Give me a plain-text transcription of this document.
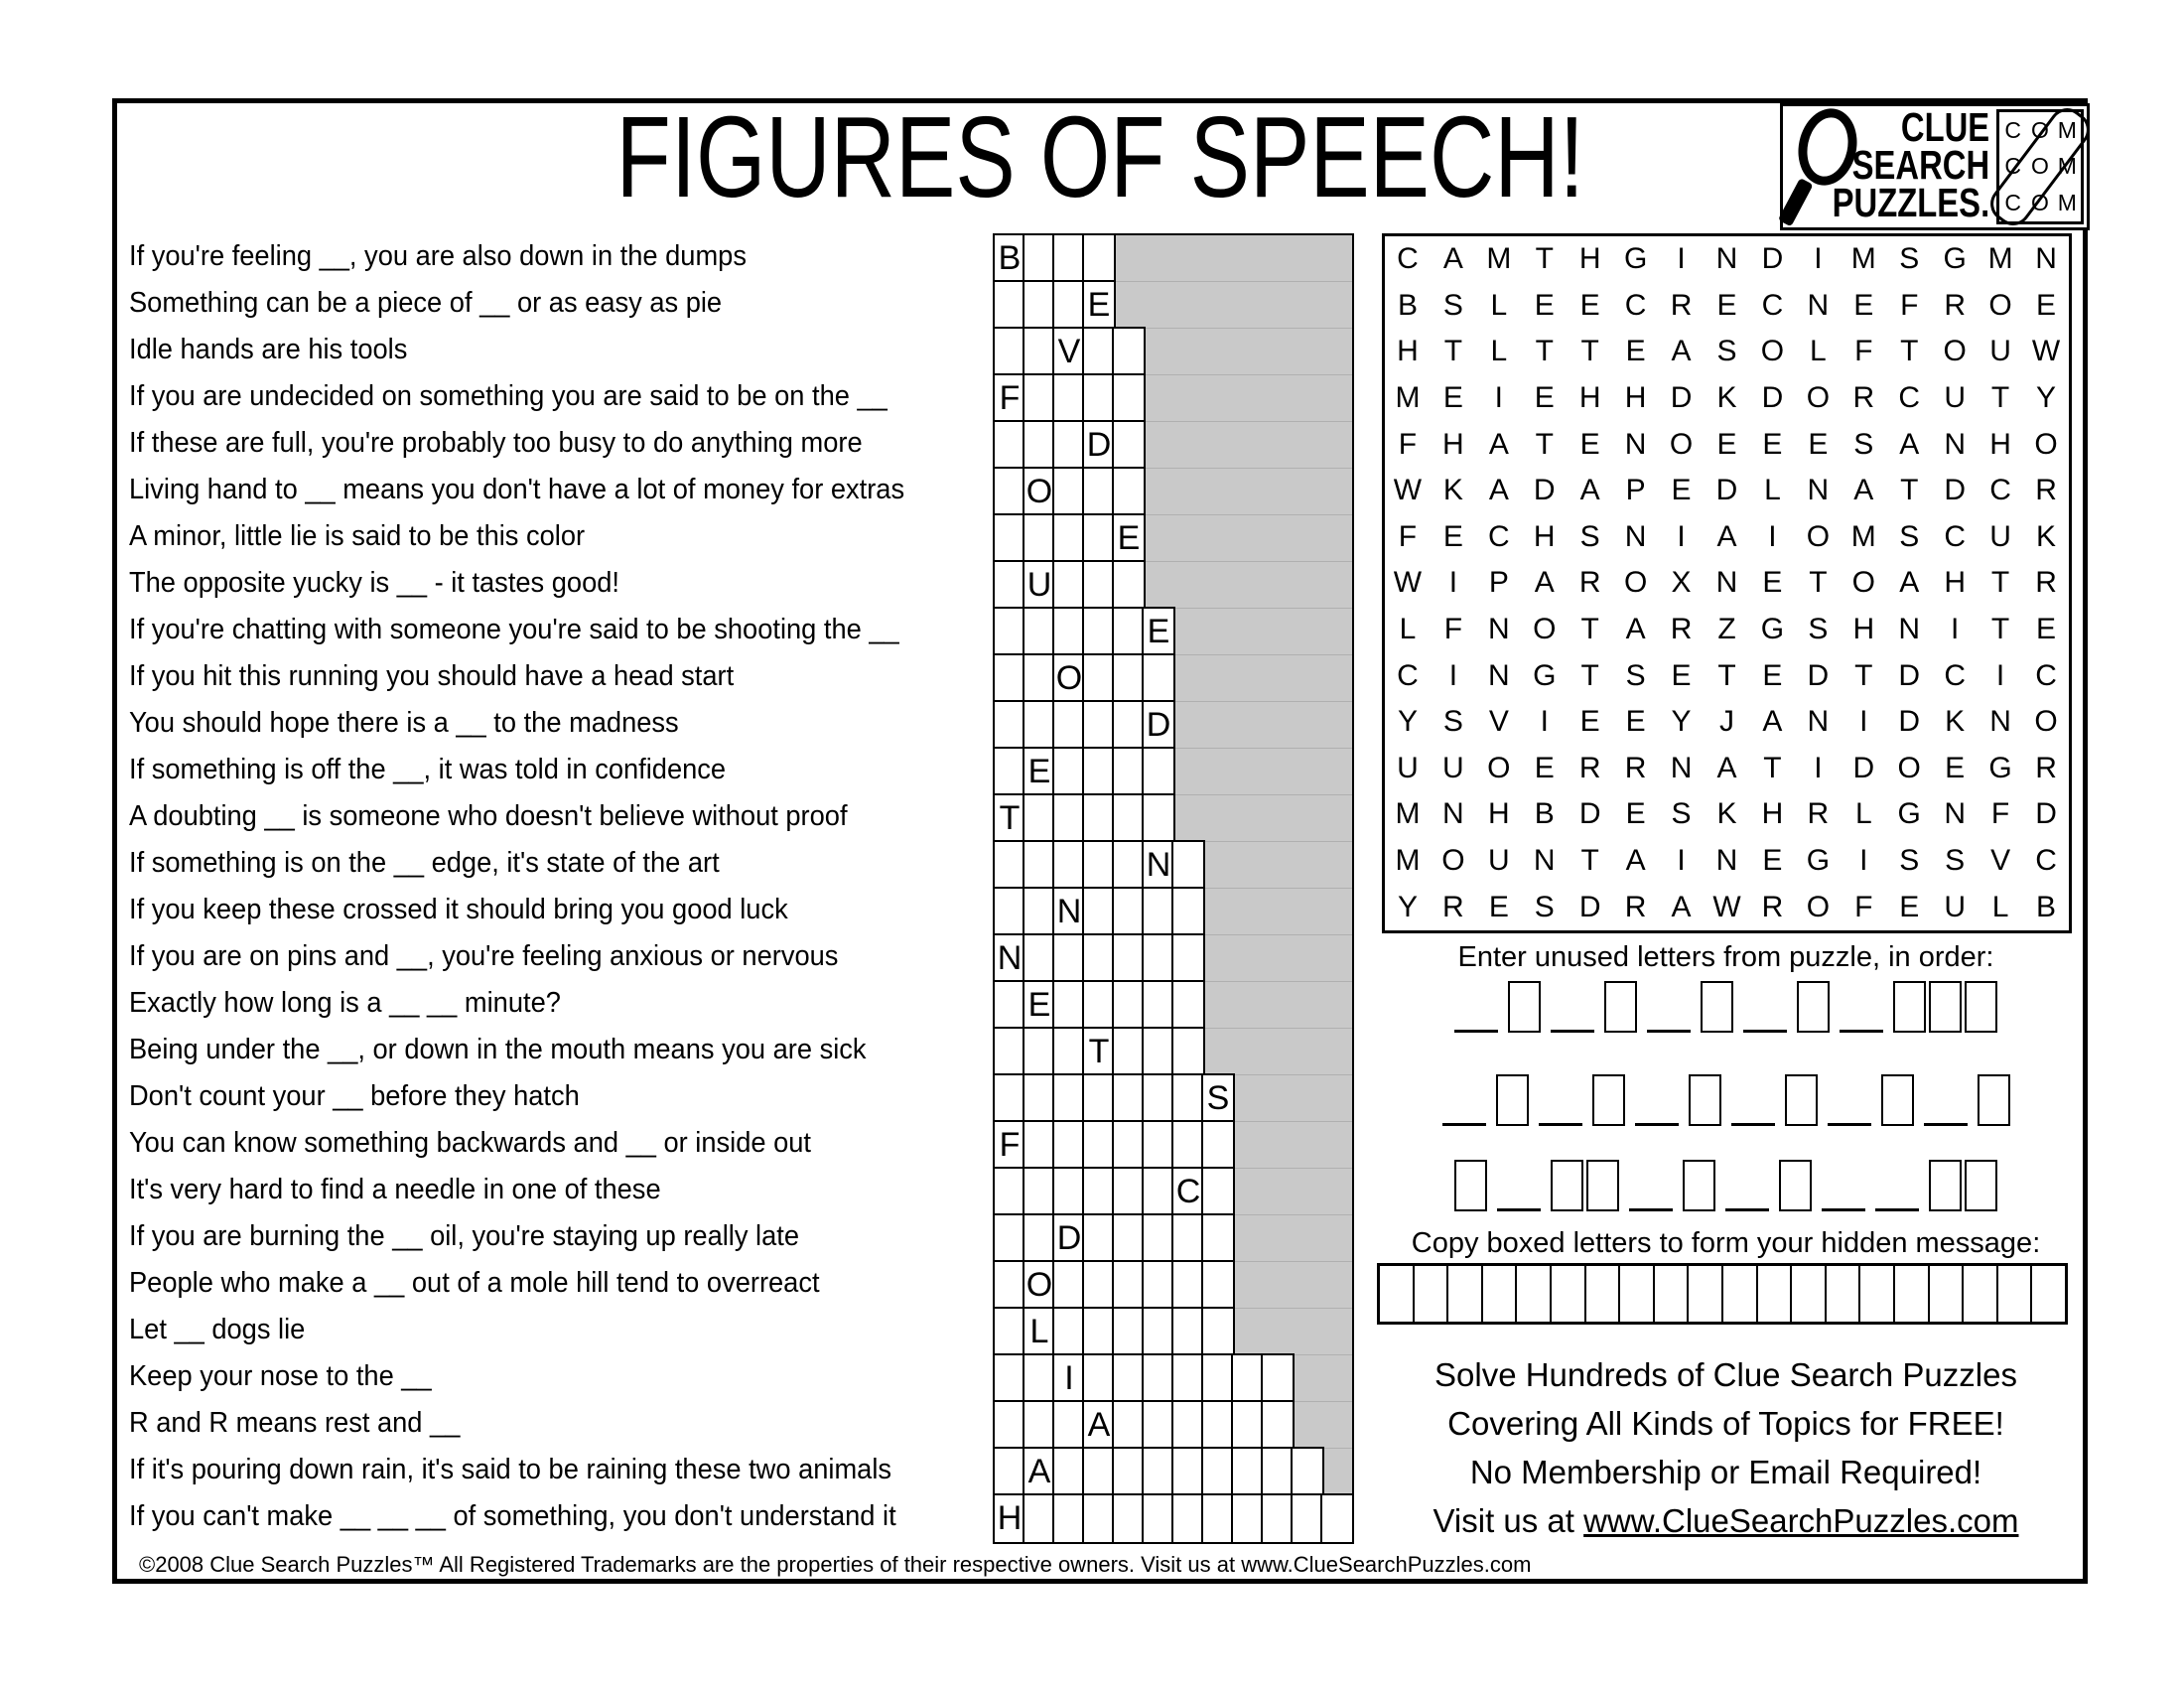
FIGURES OF SPEECH!	CLUE
SEARCH
PUZZLES.
C O M
C O M
C O M
If you're feeling __, you are also down in the dumps
Something can be a piece of __ or as easy as pie
Idle hands are his tools
If you are undecided on something you are said to be on the __
If these are full, you're probably too busy to do anything more
Living hand to __ means you don't have a lot of money for extras
A minor, little lie is said to be this color
The opposite yucky is __ - it tastes good!
If you're chatting with someone you're said to be shooting the __
If you hit this running you should have a head start
You should hope there is a __ to the madness
If something is off the __, it was told in confidence
A doubting __ is someone who doesn't believe without proof
If something is on the __ edge, it's state of the art
If you keep these crossed it should bring you good luck
If you are on pins and __, you're feeling anxious or nervous
Exactly how long is a __ __ minute?
Being under the __, or down in the mouth means you are sick
Don't count your __ before they hatch
You can know something backwards and __ or inside out
It's very hard to find a needle in one of these
If you are burning the __ oil, you're staying up really late
People who make a __ out of a mole hill tend to overreact
Let __ dogs lie
Keep your nose to the __
R and R means rest and __
If it's pouring down rain, it's said to be raining these two animals
If you can't make __ __ __ of something, you don't understand it
B
E
V
F
D
O
E
U
E
O
D
E
T
N
N
N
E
T
S
F
C
D
O
L
I
A
A
H
C A M T H G	I	N D	I M S G M N
B S L E E C R E C N E F R O E
H T L T T E A S O L F T O U W
M E	I	E H H D K D O R C U T Y
F H A T E N O E E E S A N H O
W K A D A P E D L N A T D C R
F E C H S N	I	A	I	O M S C U K
W I	P A R O X N E T O A H T R
L F N O T A R Z G S H N	I	T E
C	I	N G T S E T E D T D C	I	C
Y S V	I	E E Y J A N	I	D K N O
U U O E R R N A T	I	D O E G R
M N H B D E S K H R L G N F D
M O U N T A	I	N E G	I	S S V C
Y R E S D R A W R O F E U L B
Enter unused letters from puzzle, in order:
Copy boxed letters to form your hidden message:
Solve Hundreds of Clue Search Puzzles
Covering All Kinds of Topics for FREE!
No Membership or Email Required!
Visit us at www.ClueSearchPuzzles.com
©2008 Clue Search Puzzles™ All Registered Trademarks are the properties of their respective owners. Visit us at www.ClueSearchPuzzles.com
